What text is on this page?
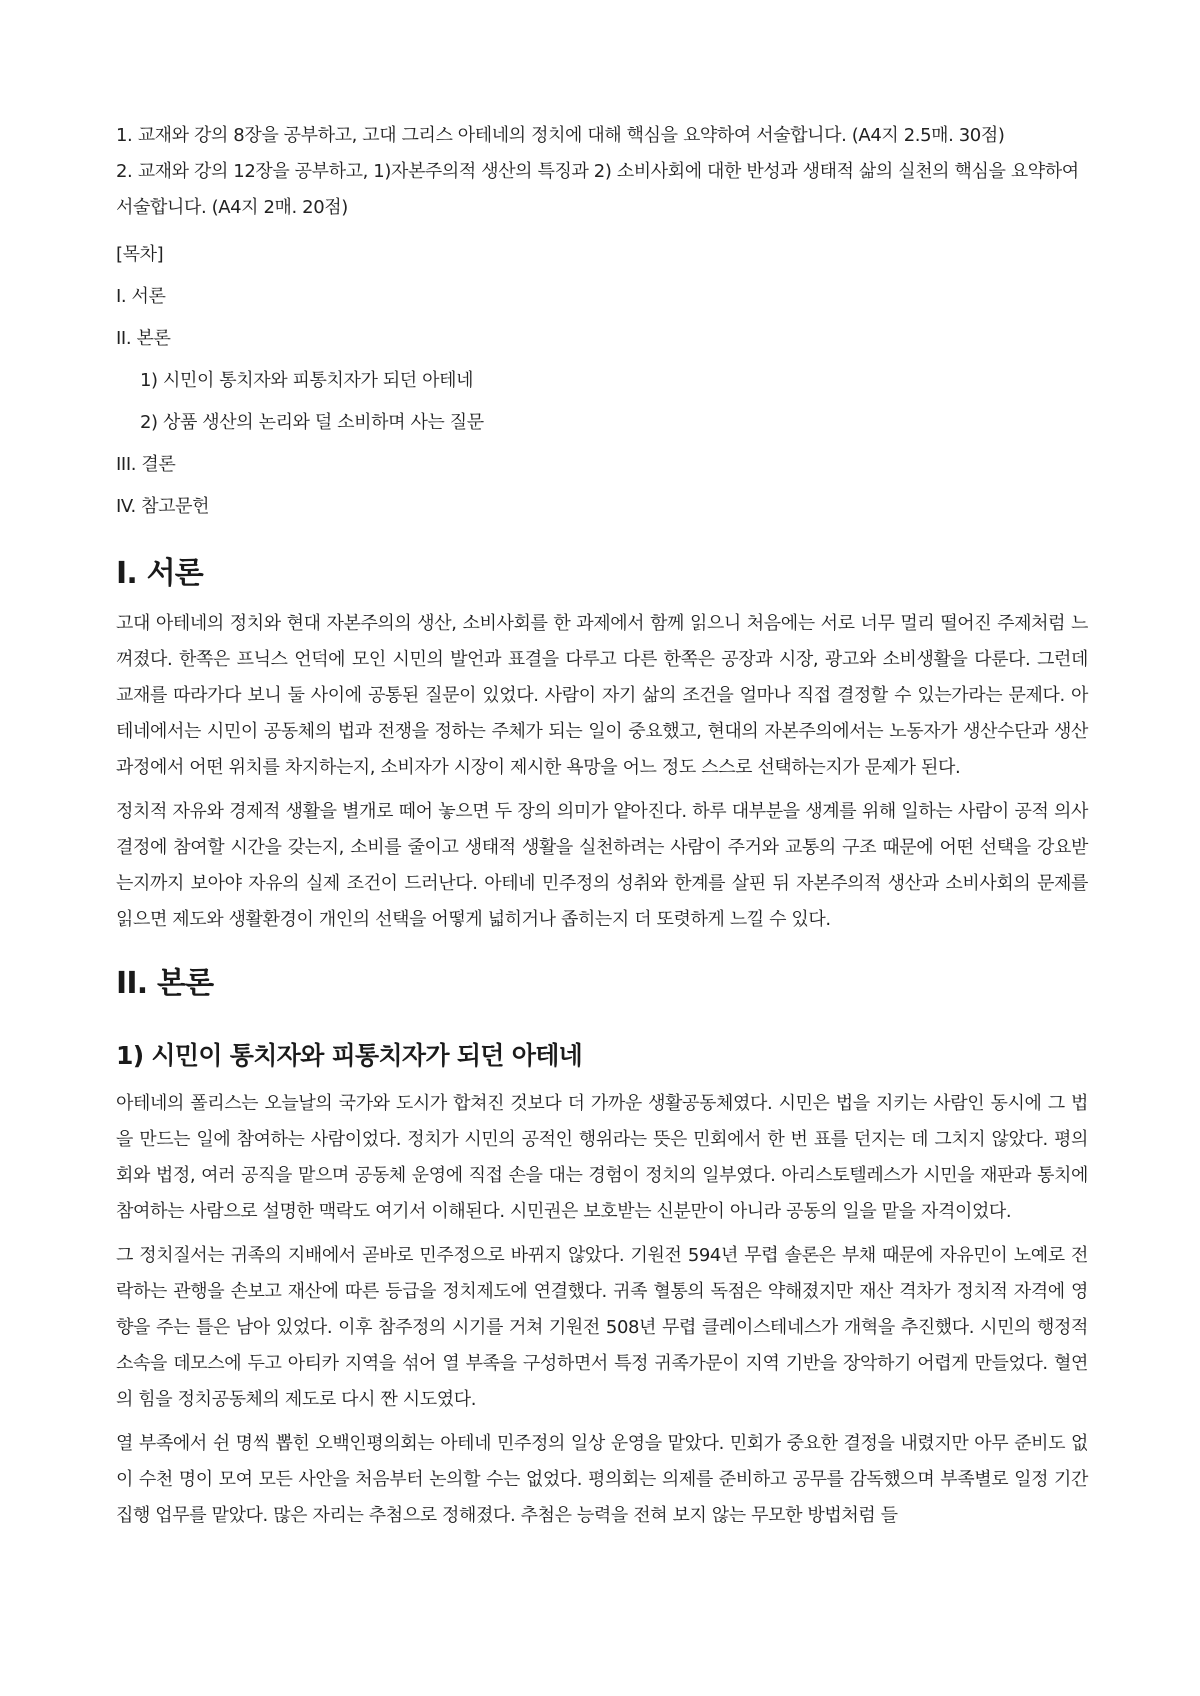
1. 교재와 강의 8장을 공부하고, 고대 그리스 아테네의 정치에 대해 핵심을 요약하여 서술합니다. (A4지 2.5매. 30점)

2. 교재와 강의 12장을 공부하고, 1)자본주의적 생산의 특징과 2) 소비사회에 대한 반성과 생태적 삶의 실천의 핵심을 요약하여 서술합니다. (A4지 2매. 20점)

[목차]

I. 서론

II. 본론

1) 시민이 통치자와 피통치자가 되던 아테네

2) 상품 생산의 논리와 덜 소비하며 사는 질문

III. 결론

IV. 참고문헌

I. 서론

고대 아테네의 정치와 현대 자본주의의 생산, 소비사회를 한 과제에서 함께 읽으니 처음에는 서로 너무 멀리 떨어진 주제처럼 느껴졌다. 한쪽은 프닉스 언덕에 모인 시민의 발언과 표결을 다루고 다른 한쪽은 공장과 시장, 광고와 소비생활을 다룬다. 그런데 교재를 따라가다 보니 둘 사이에 공통된 질문이 있었다. 사람이 자기 삶의 조건을 얼마나 직접 결정할 수 있는가라는 문제다. 아테네에서는 시민이 공동체의 법과 전쟁을 정하는 주체가 되는 일이 중요했고, 현대의 자본주의에서는 노동자가 생산수단과 생산과정에서 어떤 위치를 차지하는지, 소비자가 시장이 제시한 욕망을 어느 정도 스스로 선택하는지가 문제가 된다.

정치적 자유와 경제적 생활을 별개로 떼어 놓으면 두 장의 의미가 얕아진다. 하루 대부분을 생계를 위해 일하는 사람이 공적 의사결정에 참여할 시간을 갖는지, 소비를 줄이고 생태적 생활을 실천하려는 사람이 주거와 교통의 구조 때문에 어떤 선택을 강요받는지까지 보아야 자유의 실제 조건이 드러난다. 아테네 민주정의 성취와 한계를 살핀 뒤 자본주의적 생산과 소비사회의 문제를 읽으면 제도와 생활환경이 개인의 선택을 어떻게 넓히거나 좁히는지 더 또렷하게 느낄 수 있다.

II. 본론
1) 시민이 통치자와 피통치자가 되던 아테네

아테네의 폴리스는 오늘날의 국가와 도시가 합쳐진 것보다 더 가까운 생활공동체였다. 시민은 법을 지키는 사람인 동시에 그 법을 만드는 일에 참여하는 사람이었다. 정치가 시민의 공적인 행위라는 뜻은 민회에서 한 번 표를 던지는 데 그치지 않았다. 평의회와 법정, 여러 공직을 맡으며 공동체 운영에 직접 손을 대는 경험이 정치의 일부였다. 아리스토텔레스가 시민을 재판과 통치에 참여하는 사람으로 설명한 맥락도 여기서 이해된다. 시민권은 보호받는 신분만이 아니라 공동의 일을 맡을 자격이었다.

그 정치질서는 귀족의 지배에서 곧바로 민주정으로 바뀌지 않았다. 기원전 594년 무렵 솔론은 부채 때문에 자유민이 노예로 전락하는 관행을 손보고 재산에 따른 등급을 정치제도에 연결했다. 귀족 혈통의 독점은 약해졌지만 재산 격차가 정치적 자격에 영향을 주는 틀은 남아 있었다. 이후 참주정의 시기를 거쳐 기원전 508년 무렵 클레이스테네스가 개혁을 추진했다. 시민의 행정적 소속을 데모스에 두고 아티카 지역을 섞어 열 부족을 구성하면서 특정 귀족가문이 지역 기반을 장악하기 어렵게 만들었다. 혈연의 힘을 정치공동체의 제도로 다시 짠 시도였다.

열 부족에서 쉰 명씩 뽑힌 오백인평의회는 아테네 민주정의 일상 운영을 맡았다. 민회가 중요한 결정을 내렸지만 아무 준비도 없이 수천 명이 모여 모든 사안을 처음부터 논의할 수는 없었다. 평의회는 의제를 준비하고 공무를 감독했으며 부족별로 일정 기간 집행 업무를 맡았다. 많은 자리는 추첨으로 정해졌다. 추첨은 능력을 전혀 보지 않는 무모한 방법처럼 들
